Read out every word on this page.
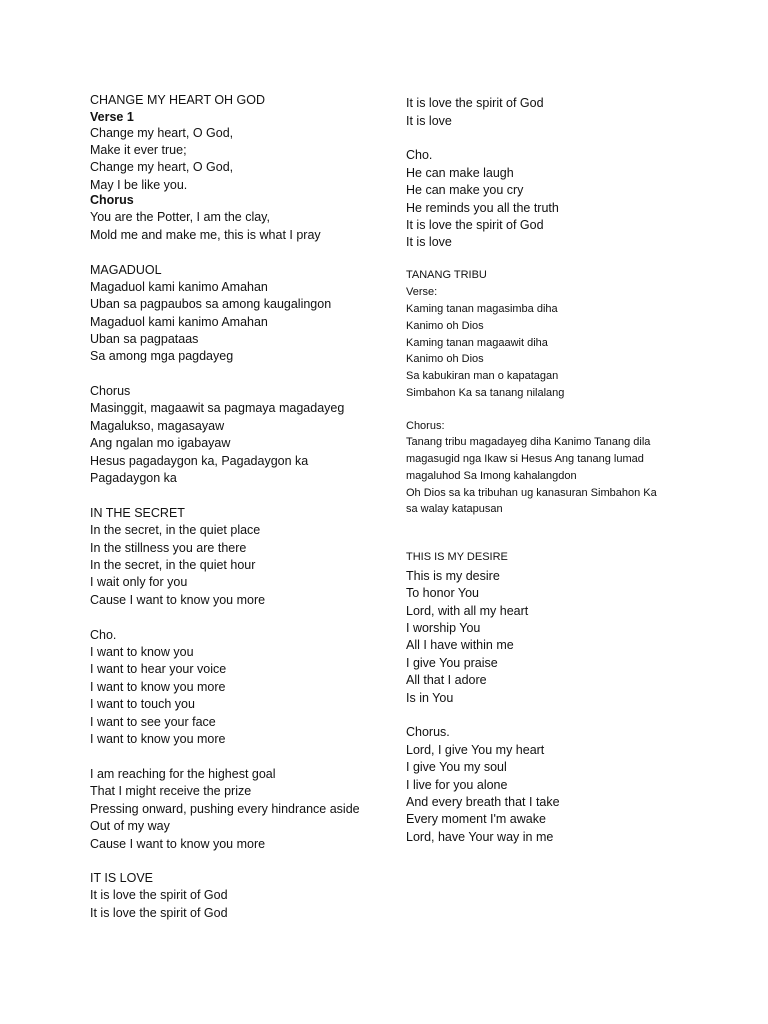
CHANGE MY HEART OH GOD
Verse 1
Change my heart, O God,
Make it ever true;
Change my heart, O God,
May I be like you.
Chorus
You are the Potter, I am the clay,
Mold me and make me, this is what I pray
MAGADUOL
Magaduol kami kanimo Amahan
Uban sa pagpaubos sa among kaugalingon
Magaduol kami kanimo Amahan
Uban sa pagpataas
Sa among mga pagdayeg
Chorus
Masinggit, magaawit sa pagmaya magadayeg
Magalukso, magasayaw
Ang ngalan mo igabayaw
Hesus pagadaygon ka, Pagadaygon ka
Pagadaygon ka
IN THE SECRET
In the secret, in the quiet place
In the stillness you are there
In the secret, in the quiet hour
I wait only for you
Cause I want to know you more
Cho.
I want to know you
I want to hear your voice
I want to know you more
I want to touch you
I want to see your face
I want to know you more
I am reaching for the highest goal
That I might receive the prize
Pressing onward, pushing every hindrance aside
Out of my way
Cause I want to know you more
IT IS LOVE
It is love the spirit of God
It is love the spirit of God
It is love the spirit of God
It is love
Cho.
He can make laugh
He can make you cry
He reminds you all the truth
It is love the spirit of God
It is love
TANANG TRIBU
Verse:
Kaming tanan magasimba diha
Kanimo oh Dios
Kaming tanan magaawit diha
Kanimo oh Dios
Sa kabukiran man o kapatagan
Simbahon Ka sa tanang nilalang
Chorus:
Tanang tribu magadayeg diha Kanimo Tanang dila
magasugid nga Ikaw si Hesus Ang tanang lumad
magaluhod Sa Imong kahalangdon
Oh Dios sa ka tribuhan ug kanasuran Simbahon Ka
sa walay katapusan
THIS IS MY DESIRE
This is my desire
To honor You
Lord, with all my heart
I worship You
All I have within me
I give You praise
All that I adore
Is in You
Chorus.
Lord, I give You my heart
I give You my soul
I live for you alone
And every breath that I take
Every moment I'm awake
Lord, have Your way in me
